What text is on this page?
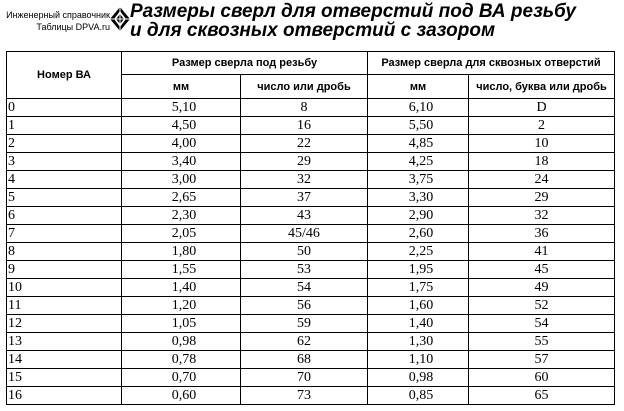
Инженерный справочник
Таблицы DPVA.ru
Размеры сверл для отверстий под ВА резьбу
и для сквозных отверстий с зазором
Номер ВА	Размер сверла под резьбу		Размер сверла для сквозных отверстий	
	мм	число или дробь	мм	число, буква или дробь
0	5,10	8	6,10	D
1	4,50	16	5,50	2
2	4,00	22	4,85	10
3	3,40	29	4,25	18
4	3,00	32	3,75	24
5	2,65	37	3,30	29
6	2,30	43	2,90	32
7	2,05	45/46	2,60	36
8	1,80	50	2,25	41
9	1,55	53	1,95	45
10	1,40	54	1,75	49
11	1,20	56	1,60	52
12	1,05	59	1,40	54
13	0,98	62	1,30	55
14	0,78	68	1,10	57
15	0,70	70	0,98	60
16	0,60	73	0,85	65
